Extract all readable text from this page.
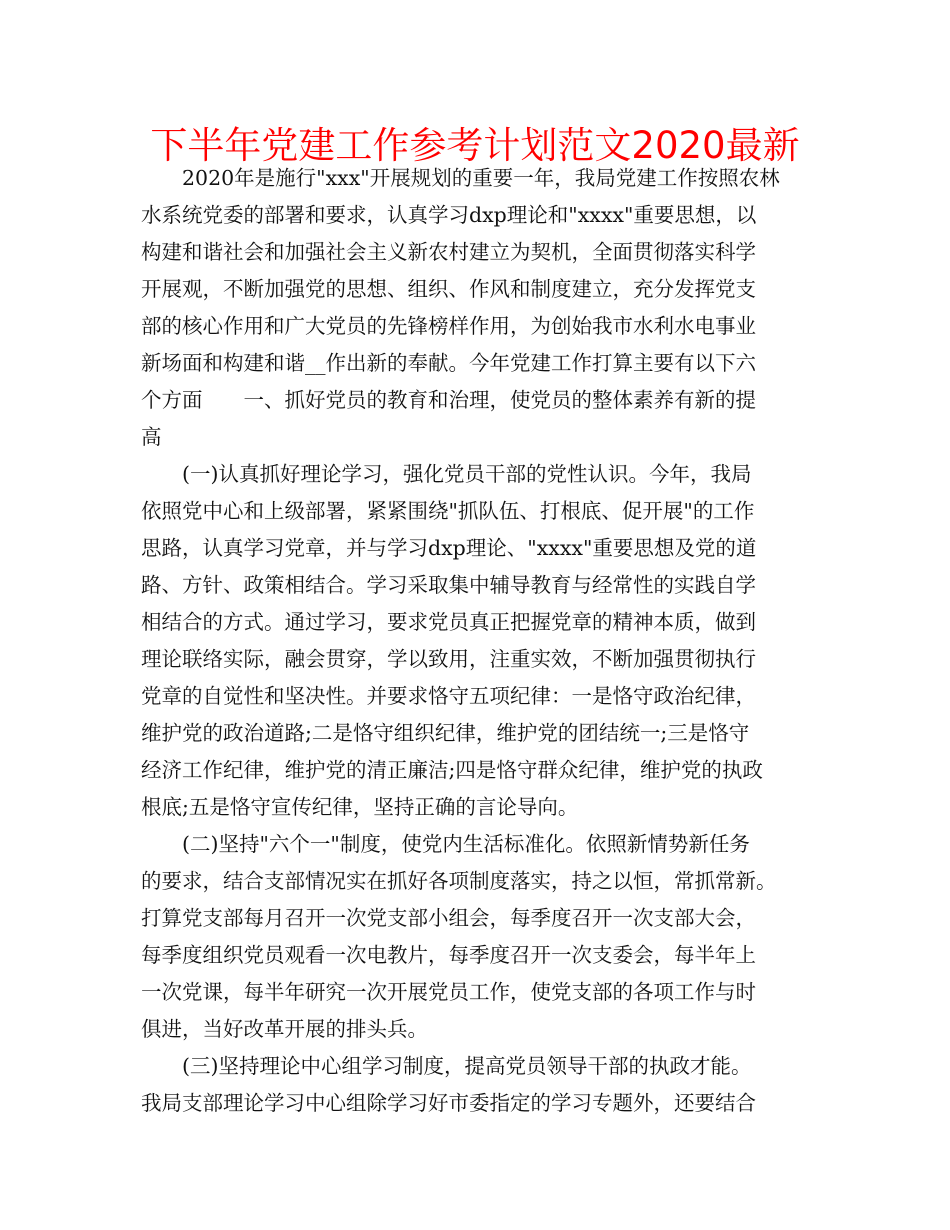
下半年党建工作参考计划范文2020最新

2020年是施行"xxx"开展规划的重要一年，我局党建工作按照农林
水系统党委的部署和要求，认真学习dxp理论和"xxxx"重要思想，以
构建和谐社会和加强社会主义新农村建立为契机，全面贯彻落实科学
开展观，不断加强党的思想、组织、作风和制度建立，充分发挥党支
部的核心作用和广大党员的先锋榜样作用，为创始我市水利水电事业
新场面和构建和谐__作出新的奉献。今年党建工作打算主要有以下六
个方面　　一、抓好党员的教育和治理，使党员的整体素养有新的提
高

(一)认真抓好理论学习，强化党员干部的党性认识。今年，我局
依照党中心和上级部署，紧紧围绕"抓队伍、打根底、促开展"的工作
思路，认真学习党章，并与学习dxp理论、"xxxx"重要思想及党的道
路、方针、政策相结合。学习采取集中辅导教育与经常性的实践自学
相结合的方式。通过学习，要求党员真正把握党章的精神本质，做到
理论联络实际，融会贯穿，学以致用，注重实效，不断加强贯彻执行
党章的自觉性和坚决性。并要求恪守五项纪律：一是恪守政治纪律，
维护党的政治道路;二是恪守组织纪律，维护党的团结统一;三是恪守
经济工作纪律，维护党的清正廉洁;四是恪守群众纪律，维护党的执政
根底;五是恪守宣传纪律，坚持正确的言论导向。

(二)坚持"六个一"制度，使党内生活标准化。依照新情势新任务
的要求，结合支部情况实在抓好各项制度落实，持之以恒，常抓常新。
打算党支部每月召开一次党支部小组会，每季度召开一次支部大会，
每季度组织党员观看一次电教片，每季度召开一次支委会，每半年上
一次党课，每半年研究一次开展党员工作，使党支部的各项工作与时
俱进，当好改革开展的排头兵。

(三)坚持理论中心组学习制度，提高党员领导干部的执政才能。
我局支部理论学习中心组除学习好市委指定的学习专题外，还要结合
